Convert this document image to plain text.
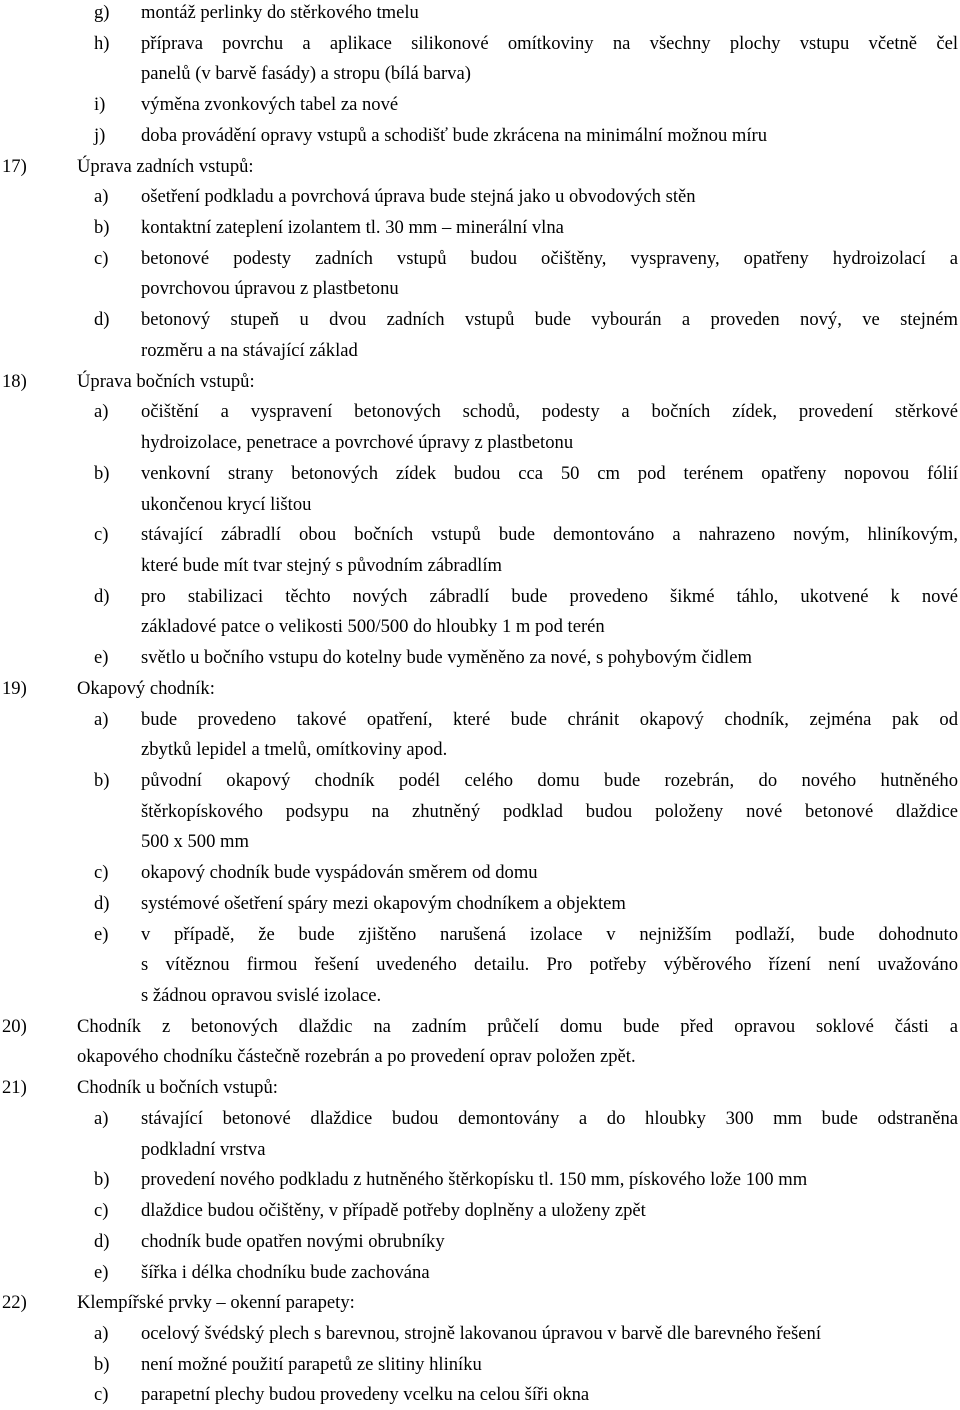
g) montáž perlinky do stěrkového tmelu
h) příprava povrchu a aplikace silikonové omítkoviny na všechny plochy vstupu včetně čel
panelů (v barvě fasády) a stropu (bílá barva)
i) výměna zvonkových tabel za nové
j) doba provádění opravy vstupů a schodišť bude zkrácena na minimální možnou míru
17)	Úprava zadních vstupů:
a) ošetření podkladu a povrchová úprava bude stejná jako u obvodových stěn
b) kontaktní zateplení izolantem tl. 30 mm – minerální vlna
c) betonové podesty zadních vstupů budou očištěny, vyspraveny, opatřeny hydroizolací a
povrchovou úpravou z plastbetonu
d) betonový stupeň u dvou zadních vstupů bude vybourán a proveden nový, ve stejném
rozměru a na stávající základ
18)	Úprava bočních vstupů:
a) očištění a vyspravení betonových schodů, podesty a bočních zídek, provedení stěrkové
hydroizolace, penetrace a povrchové úpravy z plastbetonu
b) venkovní strany betonových zídek budou cca 50 cm pod terénem opatřeny nopovou fólií
ukončenou krycí lištou
c) stávající zábradlí obou bočních vstupů bude demontováno a nahrazeno novým, hliníkovým,
které bude mít tvar stejný s původním zábradlím
d) pro stabilizaci těchto nových zábradlí bude provedeno šikmé táhlo, ukotvené k nové
základové patce o velikosti 500/500 do hloubky 1 m pod terén
e) světlo u bočního vstupu do kotelny bude vyměněno za nové, s pohybovým čidlem
19)	Okapový chodník:
a) bude provedeno takové opatření, které bude chránit okapový chodník, zejména pak od
zbytků lepidel a tmelů, omítkoviny apod.
b) původní okapový chodník podél celého domu bude rozebrán, do nového hutněného
štěrkopískového podsypu na zhutněný podklad budou položeny nové betonové dlaždice
500 x 500 mm
c) okapový chodník bude vyspádován směrem od domu
d) systémové ošetření spáry mezi okapovým chodníkem a objektem
e) v případě, že bude zjištěno narušená izolace v nejnižším podlaží, bude dohodnuto
s vítěznou firmou řešení uvedeného detailu. Pro potřeby výběrového řízení není uvažováno
s žádnou opravou svislé izolace.
20)	Chodník z betonových dlaždic na zadním průčelí domu bude před opravou soklové části a
okapového chodníku částečně rozebrán a po provedení oprav položen zpět.
21)	Chodník u bočních vstupů:
a) stávající betonové dlaždice budou demontovány a do hloubky 300 mm bude odstraněna
podkladní vrstva
b) provedení nového podkladu z hutněného štěrkopísku tl. 150 mm, pískového lože 100 mm
c) dlaždice budou očištěny, v případě potřeby doplněny a uloženy zpět
d) chodník bude opatřen novými obrubníky
e) šířka i délka chodníku bude zachována
22)	Klempířské prvky – okenní parapety:
a) ocelový švédský plech s barevnou, strojně lakovanou úpravou v barvě dle barevného řešení
b) není možné použití parapetů ze slitiny hliníku
c) parapetní plechy budou provedeny vcelku na celou šíři okna
